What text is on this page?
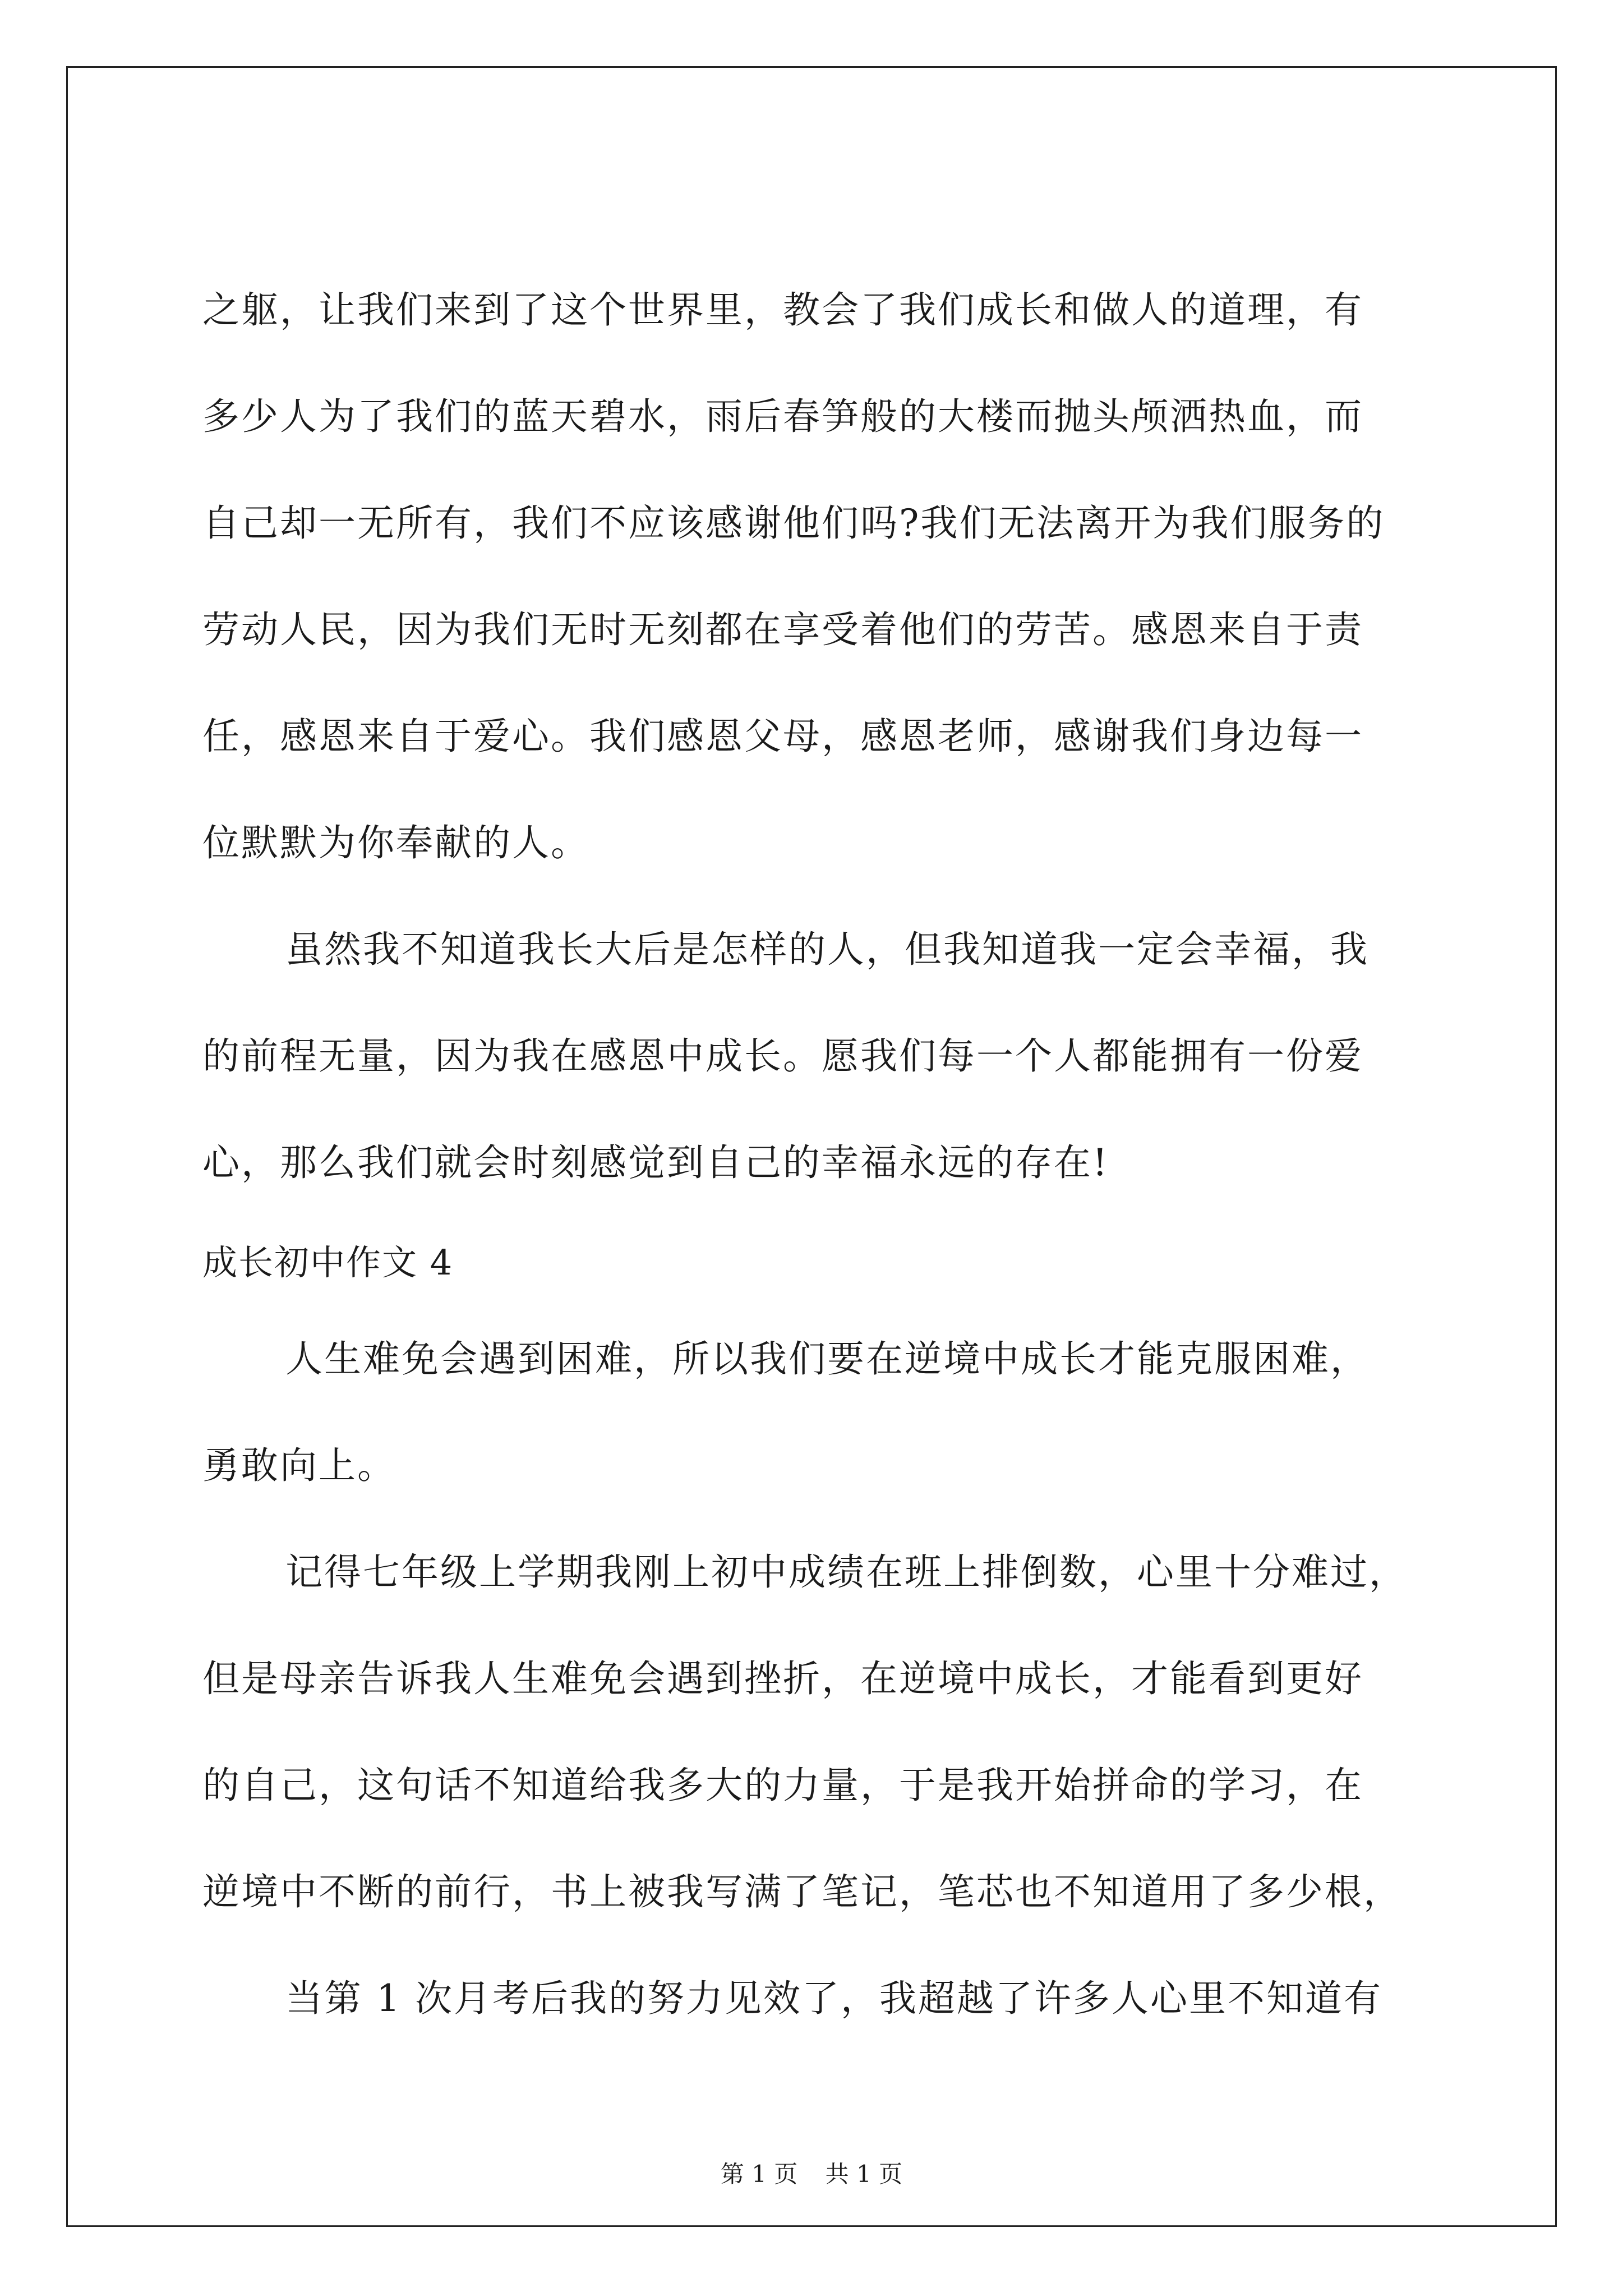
之躯，让我们来到了这个世界里，教会了我们成长和做人的道理，有
多少人为了我们的蓝天碧水，雨后春笋般的大楼而抛头颅洒热血，而
自己却一无所有，我们不应该感谢他们吗?我们无法离开为我们服务的
劳动人民，因为我们无时无刻都在享受着他们的劳苦。感恩来自于责
任，感恩来自于爱心。我们感恩父母，感恩老师，感谢我们身边每一
位默默为你奉献的人。
虽然我不知道我长大后是怎样的人，但我知道我一定会幸福，我
的前程无量，因为我在感恩中成长。愿我们每一个人都能拥有一份爱
心，那么我们就会时刻感觉到自己的幸福永远的存在!
成长初中作文 4
人生难免会遇到困难，所以我们要在逆境中成长才能克服困难，
勇敢向上。
记得七年级上学期我刚上初中成绩在班上排倒数，心里十分难过，
但是母亲告诉我人生难免会遇到挫折，在逆境中成长，才能看到更好
的自己，这句话不知道给我多大的力量，于是我开始拼命的学习，在
逆境中不断的前行，书上被我写满了笔记，笔芯也不知道用了多少根，
当第 1 次月考后我的努力见效了，我超越了许多人心里不知道有
第 1 页 共 1 页
